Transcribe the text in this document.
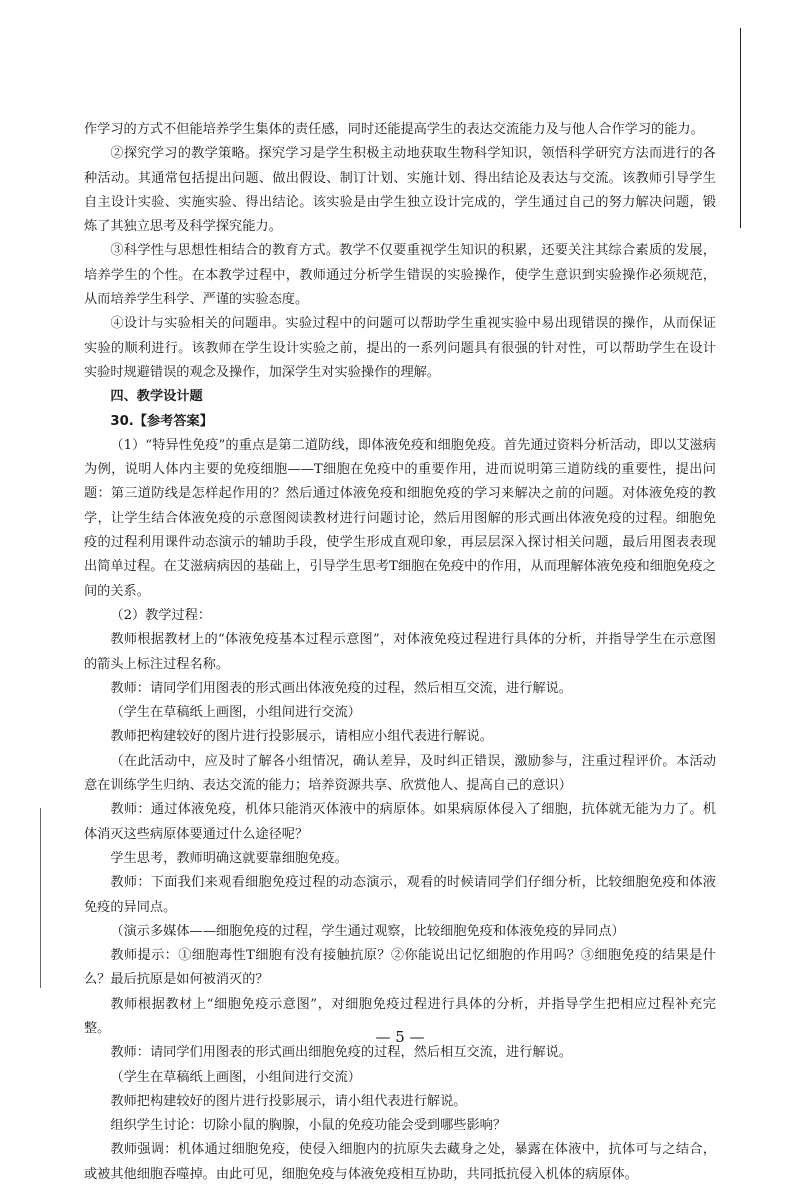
作学习的方式不但能培养学生集体的责任感，同时还能提高学生的表达交流能力及与他人合作学习的能力。

②探究学习的教学策略。探究学习是学生积极主动地获取生物科学知识，领悟科学研究方法而进行的各种活动。其通常包括提出问题、做出假设、制订计划、实施计划、得出结论及表达与交流。该教师引导学生自主设计实验、实施实验、得出结论。该实验是由学生独立设计完成的，学生通过自己的努力解决问题，锻炼了其独立思考及科学探究能力。

③科学性与思想性相结合的教育方式。教学不仅要重视学生知识的积累，还要关注其综合素质的发展，培养学生的个性。在本教学过程中，教师通过分析学生错误的实验操作，使学生意识到实验操作必须规范，从而培养学生科学、严谨的实验态度。

④设计与实验相关的问题串。实验过程中的问题可以帮助学生重视实验中易出现错误的操作，从而保证实验的顺利进行。该教师在学生设计实验之前，提出的一系列问题具有很强的针对性，可以帮助学生在设计实验时规避错误的观念及操作，加深学生对实验操作的理解。

四、教学设计题

30.【参考答案】

（1）“特异性免疫”的重点是第二道防线，即体液免疫和细胞免疫。首先通过资料分析活动，即以艾滋病为例，说明人体内主要的免疫细胞——T细胞在免疫中的重要作用，进而说明第三道防线的重要性，提出问题：第三道防线是怎样起作用的？然后通过体液免疫和细胞免疫的学习来解决之前的问题。对体液免疫的教学，让学生结合体液免疫的示意图阅读教材进行问题讨论，然后用图解的形式画出体液免疫的过程。细胞免疫的过程利用课件动态演示的辅助手段，使学生形成直观印象，再层层深入探讨相关问题，最后用图表表现出简单过程。在艾滋病病因的基础上，引导学生思考T细胞在免疫中的作用，从而理解体液免疫和细胞免疫之间的关系。

（2）教学过程：

教师根据教材上的“体液免疫基本过程示意图”，对体液免疫过程进行具体的分析，并指导学生在示意图的箭头上标注过程名称。

教师：请同学们用图表的形式画出体液免疫的过程，然后相互交流，进行解说。

（学生在草稿纸上画图，小组间进行交流）

教师把构建较好的图片进行投影展示，请相应小组代表进行解说。

（在此活动中，应及时了解各小组情况，确认差异，及时纠正错误，激励参与，注重过程评价。本活动意在训练学生归纳、表达交流的能力；培养资源共享、欣赏他人、提高自己的意识）

教师：通过体液免疫，机体只能消灭体液中的病原体。如果病原体侵入了细胞，抗体就无能为力了。机体消灭这些病原体要通过什么途径呢？

学生思考，教师明确这就要靠细胞免疫。

教师：下面我们来观看细胞免疫过程的动态演示，观看的时候请同学们仔细分析，比较细胞免疫和体液免疫的异同点。

（演示多媒体——细胞免疫的过程，学生通过观察，比较细胞免疫和体液免疫的异同点）

教师提示：①细胞毒性T细胞有没有接触抗原？②你能说出记忆细胞的作用吗？③细胞免疫的结果是什么？最后抗原是如何被消灭的？

教师根据教材上“细胞免疫示意图”，对细胞免疫过程进行具体的分析，并指导学生把相应过程补充完整。

教师：请同学们用图表的形式画出细胞免疫的过程，然后相互交流，进行解说。

（学生在草稿纸上画图，小组间进行交流）

教师把构建较好的图片进行投影展示，请小组代表进行解说。

组织学生讨论：切除小鼠的胸腺，小鼠的免疫功能会受到哪些影响？

教师强调：机体通过细胞免疫，使侵入细胞内的抗原失去藏身之处，暴露在体液中，抗体可与之结合，或被其他细胞吞噬掉。由此可见，细胞免疫与体液免疫相互协助，共同抵抗侵入机体的病原体。

— 5 —
